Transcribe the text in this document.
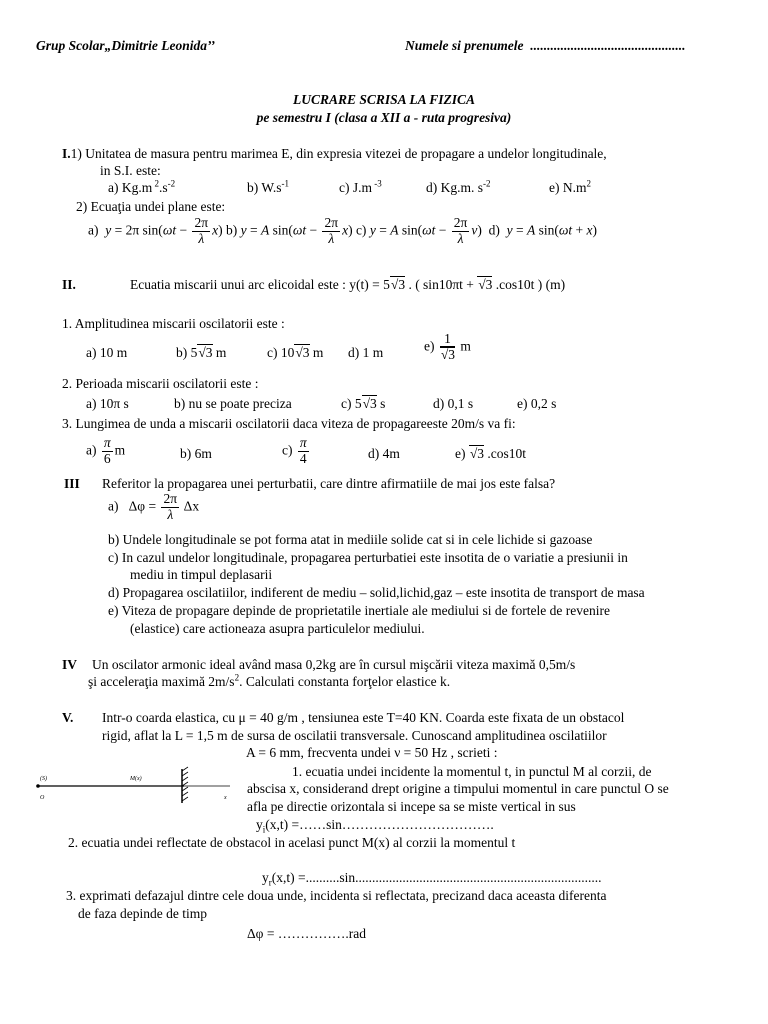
Grup Scolar„Dimitrie Leonida’’	Numele si prenumele ..............................................
LUCRARE SCRISA LA FIZICA
pe semestru I (clasa a XII a - ruta progresiva)
I.1) Unitatea de masura pentru marimea E, din expresia vitezei de propagare a undelor longitudinale,
in S.I. este:
a) Kg.m $^2.s^{-2}$	b) $W.s^{-1}$	c) J.m $^{-3}$	d) Kg.m. $s^{-2}$	e) $N.m^2$
2) Ecuaţia undei plane este:
a) y = 2π $\sin(\omega t - \frac{2\pi}{\lambda} x)$ b) y = A $\sin(\omega t - \frac{2\pi}{\lambda} x)$ c) y = A $\sin(\omega t - \frac{2\pi}{\lambda} \nu)$  d) y = A sin(ωt + x)
II.	Ecuatia miscarii unui arc elicoidal este : y(t) = 5 √ 3 . ( sin10πt + √ 3 .cos10t ) (m)
1. Amplitudinea miscarii oscilatorii este :
a) 10 m	b) 5 √ 3 m	c) 10 √ 3 m d) 1 m	e) 1
√ 3 m
2. Perioada miscarii oscilatorii este :
a) 10π s	b) nu se poate preciza	c) 5 √ 3 s	d) 0,1 s	e) 0,2 s
3. Lungimea de unda a miscarii oscilatorii daca viteza de propagareeste 20m/s va fi:
$a) \frac{\pi}{6}$ m	b) 6m	$c) \frac{\pi}{4}$	d) 4m	e) √ 3 .cos10t
III Referitor la propagarea unei perturbatii, care dintre afirmatiile de mai jos este falsa?
a)   $\Delta\varphi = \frac{2\pi}{\lambda}$ Δx
b) Undele longitudinale se pot forma atat in mediile solide cat si in cele lichide si gazoase
c) In cazul undelor longitudinale, propagarea perturbatiei este insotita de o variatie a presiunii in
mediu in timpul deplasarii
d) Propagarea oscilatiilor, indiferent de mediu – solid,lichid,gaz – este insotita de transport de masa
e) Viteza de propagare depinde de proprietatile inertiale ale mediului si de fortele de revenire
(elastice) care actioneaza asupra particulelor mediului.
IV Un oscilator armonic ideal având masa 0,2kg are în cursul mişcării viteza maximă 0,5m/s
şi acceleraţia maximă $2m/s^2$. Calculati constanta forţelor elastice k.
V. Intr-o coarda elastica, cu μ = 40 g/m , tensiunea este T=40 KN. Coarda este fixata de un obstacol
rigid, aflat la L = 1,5 m de sursa de oscilatii transversale. Cunoscand amplitudinea oscilatiilor
A = 6 mm, frecventa undei ν = 50 Hz , scrieti :
(S)
O
M(x)
x
1. ecuatia undei incidente la momentul t, in punctul M al corzii, de
abscisa x, considerand drept origine a timpului momentul in care punctul O se
afla pe directie orizontala si incepe sa se miste vertical in sus
$y_i(x,t)$ =……sin…………………………….
2. ecuatia undei reflectate de obstacol in acelasi punct M(x) al corzii la momentul t
$y_r(x,t) =..........\sin$.........................................................................
3. exprimati defazajul dintre cele doua unde, incidenta si reflectata, precizand daca aceasta diferenta
de faza depinde de timp
Δφ = …………….rad
